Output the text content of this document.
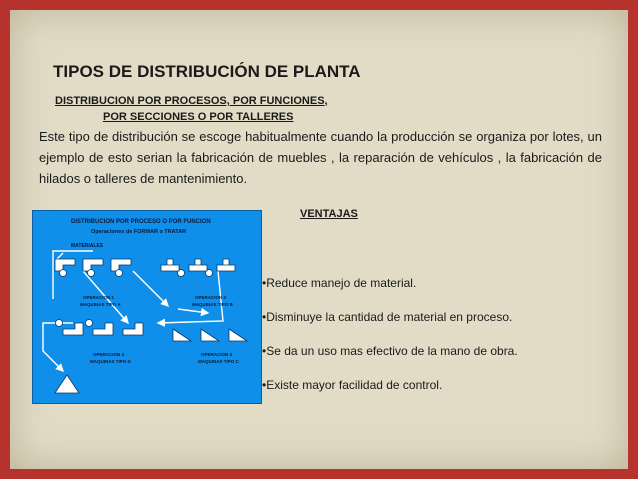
TIPOS DE DISTRIBUCIÓN DE PLANTA
DISTRIBUCION POR PROCESOS, POR FUNCIONES,
POR SECCIONES O POR TALLERES

Este tipo de distribución se escoge habitualmente cuando la producción se organiza por lotes, un ejemplo de esto serian la fabricación de muebles , la reparación de vehículos , la fabricación de hilados o talleres de mantenimiento.

DISTRIBUCION POR PROCESO O POR FUNCION
Operaciones de FORMAR o TRATAR
MATERIALES
OPERACION 1
MAQUINAS TIPO A
OPERACION 2
MAQUINAS TIPO B
OPERACION 4
MAQUINAS TIPO D
OPERACION 3
MAQUINAS TIPO C
VENTAJAS
•Reduce manejo de material.
•Disminuye la cantidad de material en proceso.
•Se da un uso mas efectivo de la mano de obra.
•Existe mayor facilidad de control.
